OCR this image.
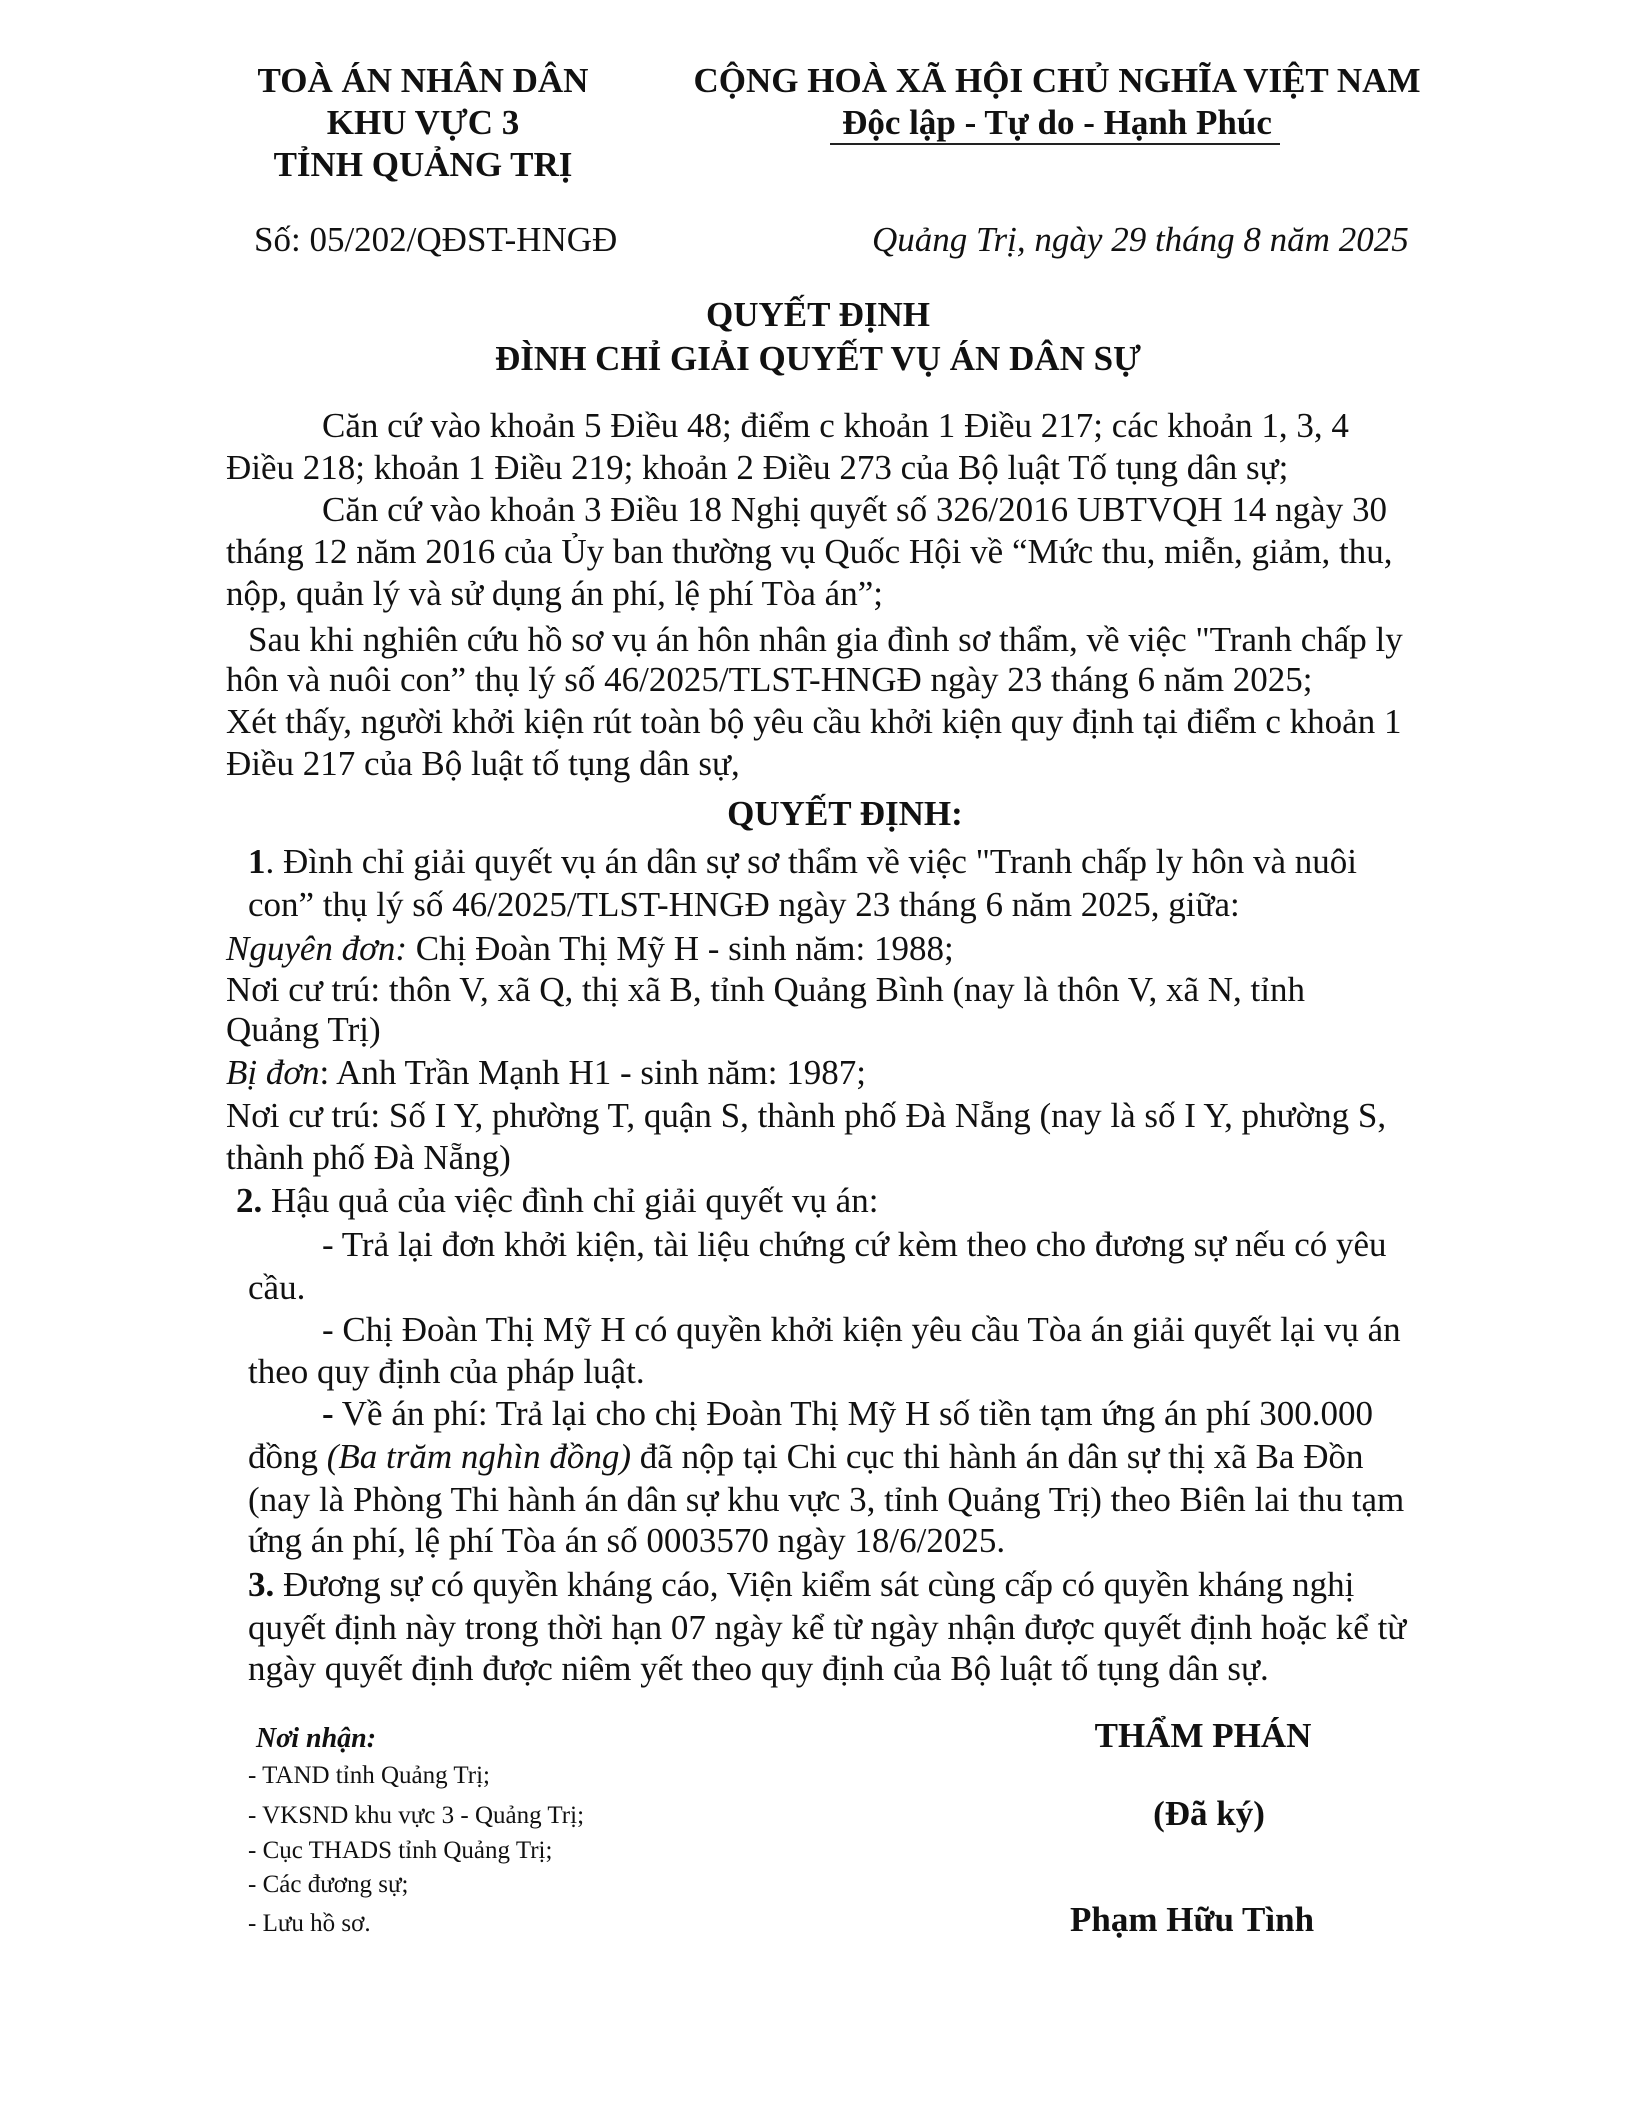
TOÀ ÁN NHÂN DÂN
KHU VỰC 3
TỈNH QUẢNG TRỊ
CỘNG HOÀ XÃ HỘI CHỦ NGHĨA VIỆT NAM
Độc lập - Tự do - Hạnh Phúc
Số: 05/202/QĐST-HNGĐ	Quảng Trị, ngày 29 tháng 8 năm 2025
QUYẾT ĐỊNH
ĐÌNH CHỈ GIẢI QUYẾT VỤ ÁN DÂN SỰ
Căn cứ vào khoản 5 Điều 48; điểm c khoản 1 Điều 217; các khoản 1, 3, 4
Điều 218; khoản 1 Điều 219; khoản 2 Điều 273 của Bộ luật Tố tụng dân sự;
Căn cứ vào khoản 3 Điều 18 Nghị quyết số 326/2016 UBTVQH 14 ngày 30
tháng 12 năm 2016 của Ủy ban thường vụ Quốc Hội về “Mức thu, miễn, giảm, thu,
nộp, quản lý và sử dụng án phí, lệ phí Tòa án”;
Sau khi nghiên cứu hồ sơ vụ án hôn nhân gia đình sơ thẩm, về việc "Tranh chấp ly
hôn và nuôi con” thụ lý số 46/2025/TLST-HNGĐ ngày 23 tháng 6 năm 2025;
Xét thấy, người khởi kiện rút toàn bộ yêu cầu khởi kiện quy định tại điểm c khoản 1
Điều 217 của Bộ luật tố tụng dân sự,
QUYẾT ĐỊNH:
1. Đình chỉ giải quyết vụ án dân sự sơ thẩm về việc "Tranh chấp ly hôn và nuôi
con” thụ lý số 46/2025/TLST-HNGĐ ngày 23 tháng 6 năm 2025, giữa:
Nguyên đơn: Chị Đoàn Thị Mỹ H - sinh năm: 1988;
Nơi cư trú: thôn V, xã Q, thị xã B, tỉnh Quảng Bình (nay là thôn V, xã N, tỉnh
Quảng Trị)
Bị đơn: Anh Trần Mạnh H1 - sinh năm: 1987;
Nơi cư trú: Số I Y, phường T, quận S, thành phố Đà Nẵng (nay là số I Y, phường S,
thành phố Đà Nẵng)
2. Hậu quả của việc đình chỉ giải quyết vụ án:
- Trả lại đơn khởi kiện, tài liệu chứng cứ kèm theo cho đương sự nếu có yêu
cầu.
- Chị Đoàn Thị Mỹ H có quyền khởi kiện yêu cầu Tòa án giải quyết lại vụ án
theo quy định của pháp luật.
- Về án phí: Trả lại cho chị Đoàn Thị Mỹ H số tiền tạm ứng án phí 300.000
đồng (Ba trăm nghìn đồng) đã nộp tại Chi cục thi hành án dân sự thị xã Ba Đồn
(nay là Phòng Thi hành án dân sự khu vực 3, tỉnh Quảng Trị) theo Biên lai thu tạm
ứng án phí, lệ phí Tòa án số 0003570 ngày 18/6/2025.
3. Đương sự có quyền kháng cáo, Viện kiểm sát cùng cấp có quyền kháng nghị
quyết định này trong thời hạn 07 ngày kể từ ngày nhận được quyết định hoặc kể từ
ngày quyết định được niêm yết theo quy định của Bộ luật tố tụng dân sự.
Nơi nhận:
- TAND tỉnh Quảng Trị;
- VKSND khu vực 3 - Quảng Trị;
- Cục THADS tỉnh Quảng Trị;
- Các đương sự;
- Lưu hồ sơ.
THẨM PHÁN
(Đã ký)
Phạm Hữu Tình
